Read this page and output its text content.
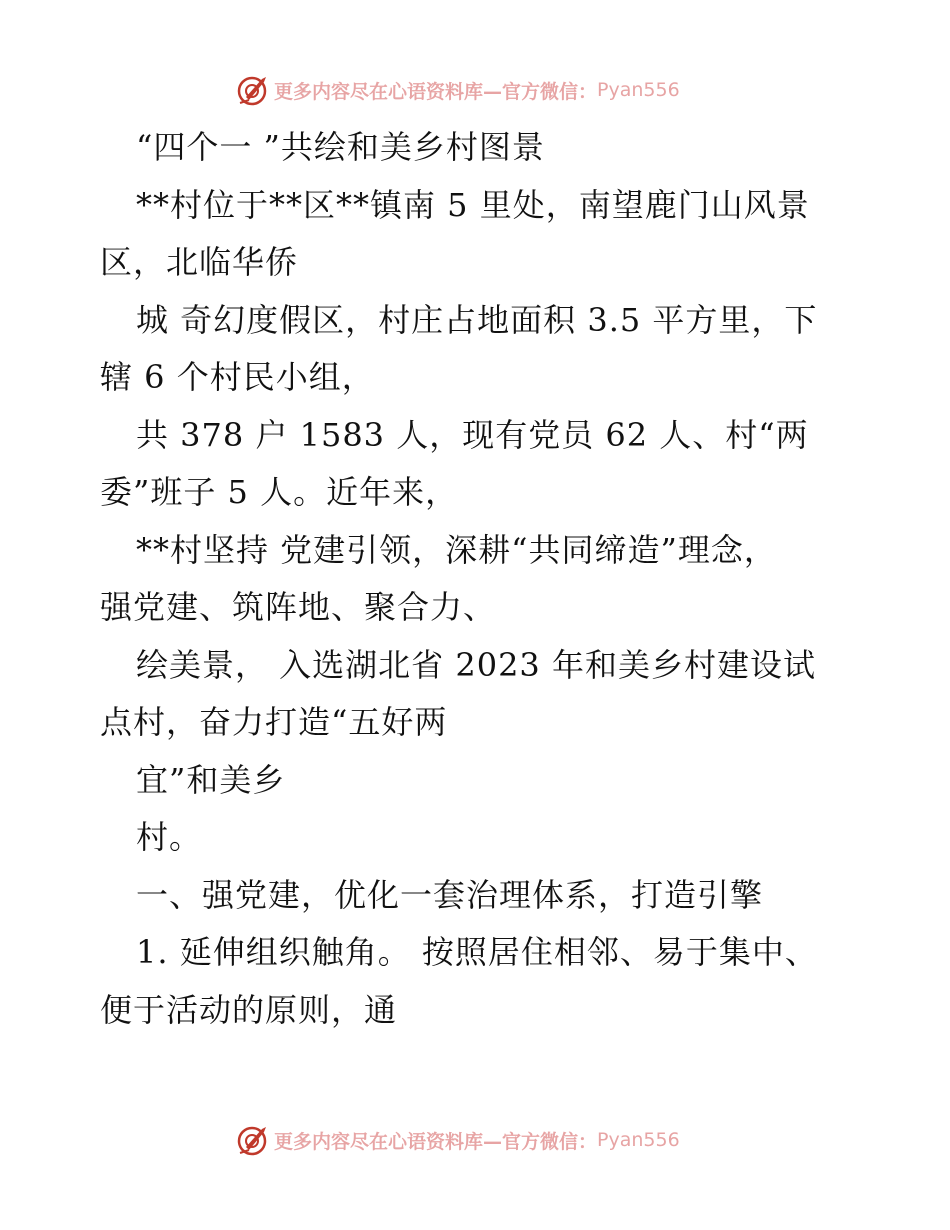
更多内容尽在心语资料库—官方微信： Pyan556
“四个一 ”共绘和美乡村图景
**村位于**区**镇南 5 里处，南望鹿门山风景
区，北临华侨
城 奇幻度假区，村庄占地面积 3.5 平方里，下
辖 6 个村民小组，
共 378 户 1583 人，现有党员 62 人、村“两
委”班子 5 人。近年来，
**村坚持 党建引领，深耕“共同缔造”理念，
强党建、筑阵地、聚合力、
绘美景， 入选湖北省 2023 年和美乡村建设试
点村，奋力打造“五好两
宜”和美乡
村。
一、强党建，优化一套治理体系，打造引擎
1. 延伸组织触角。 按照居住相邻、易于集中、
便于活动的原则，通
更多内容尽在心语资料库—官方微信： Pyan556
